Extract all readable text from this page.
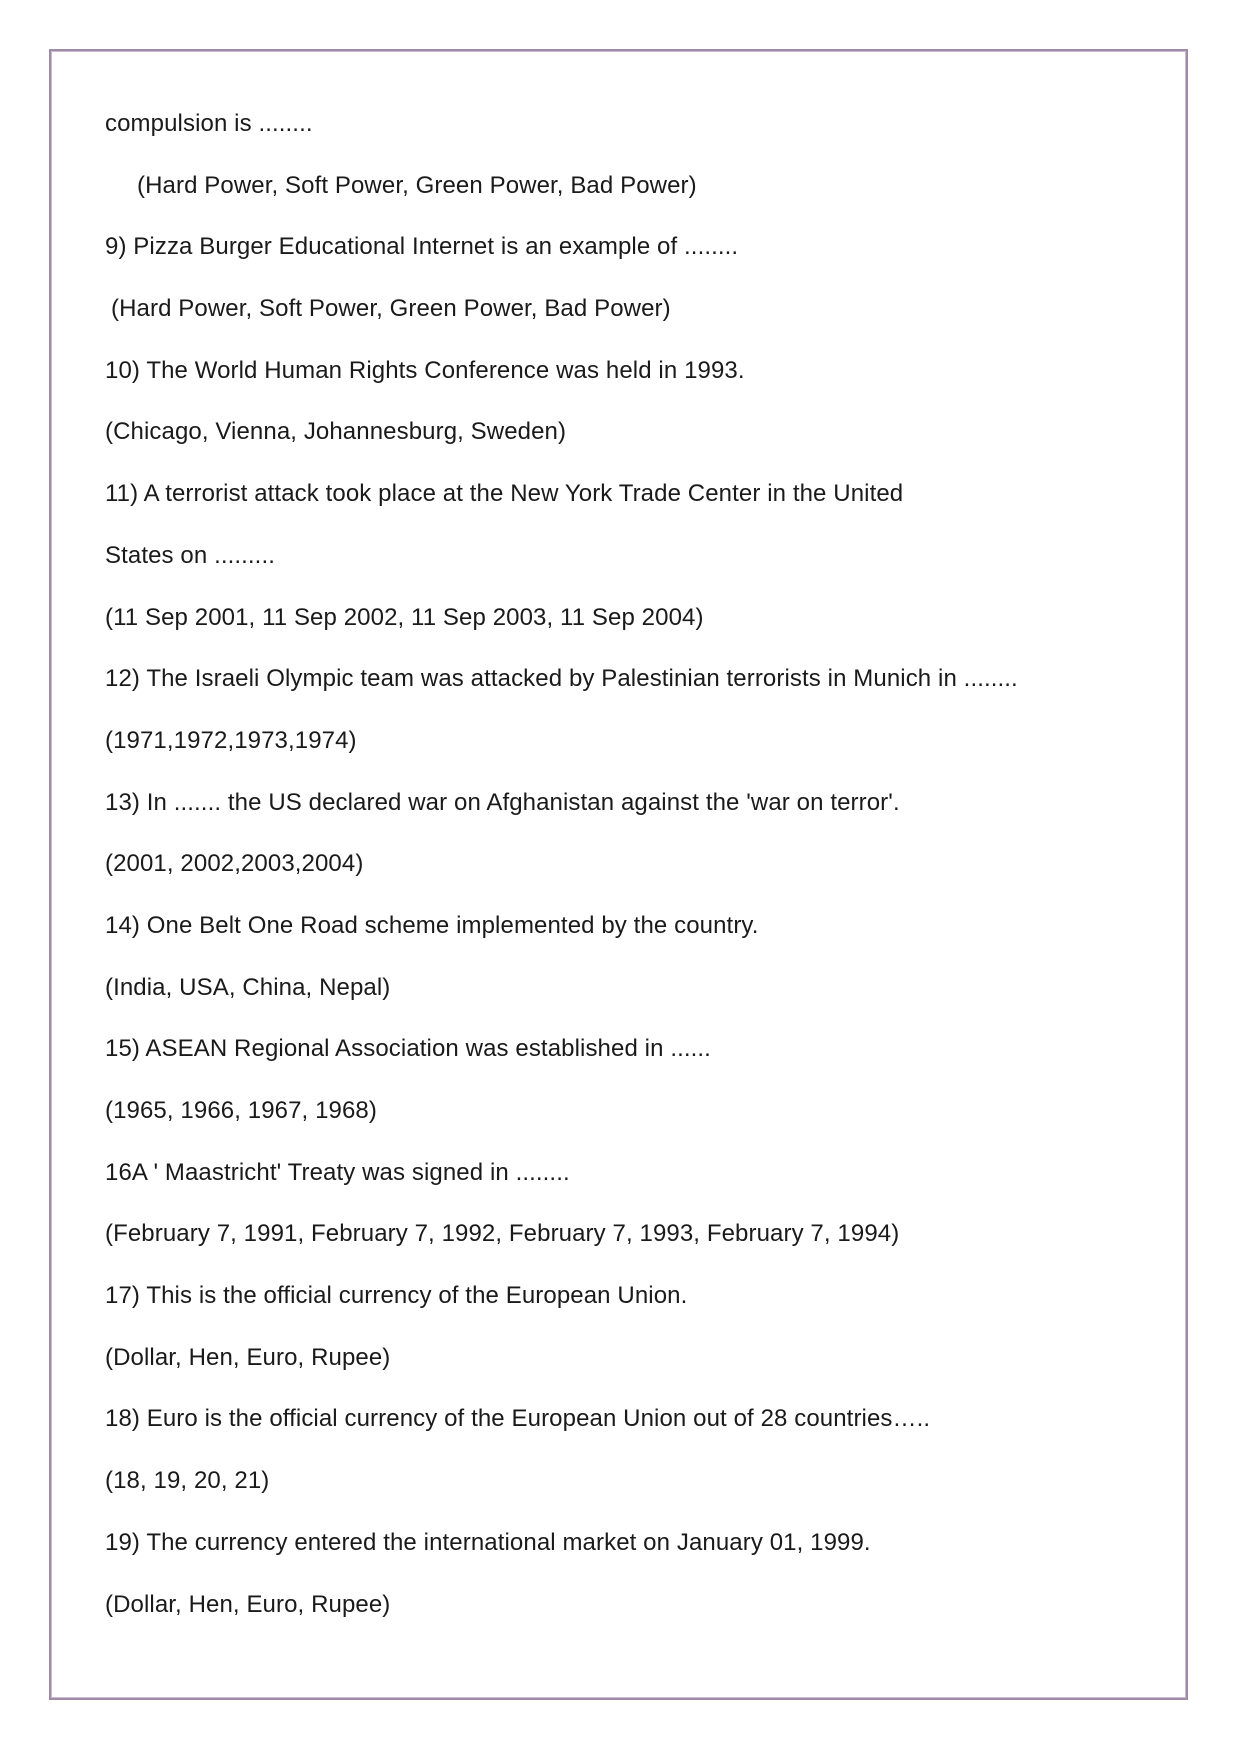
compulsion is ........
(Hard Power, Soft Power, Green Power, Bad Power)
9) Pizza Burger Educational Internet is an example of ........
(Hard Power, Soft Power, Green Power, Bad Power)
10) The World Human Rights Conference was held in 1993.
(Chicago, Vienna, Johannesburg, Sweden)
11) A terrorist attack took place at the New York Trade Center in the United
States on .........
(11 Sep 2001, 11 Sep 2002, 11 Sep 2003, 11 Sep 2004)
12) The Israeli Olympic team was attacked by Palestinian terrorists in Munich in ........
(1971,1972,1973,1974)
13) In ....... the US declared war on Afghanistan against the 'war on terror'.
(2001, 2002,2003,2004)
14) One Belt One Road scheme implemented by the country.
(India, USA, China, Nepal)
15) ASEAN Regional Association was established in ......
(1965, 1966, 1967, 1968)
16A ' Maastricht' Treaty was signed in ........
(February 7, 1991, February 7, 1992, February 7, 1993, February 7, 1994)
17) This is the official currency of the European Union.
(Dollar, Hen, Euro, Rupee)
18) Euro is the official currency of the European Union out of 28 countries…..
(18, 19, 20, 21)
19) The currency entered the international market on January 01, 1999.
(Dollar, Hen, Euro, Rupee)
